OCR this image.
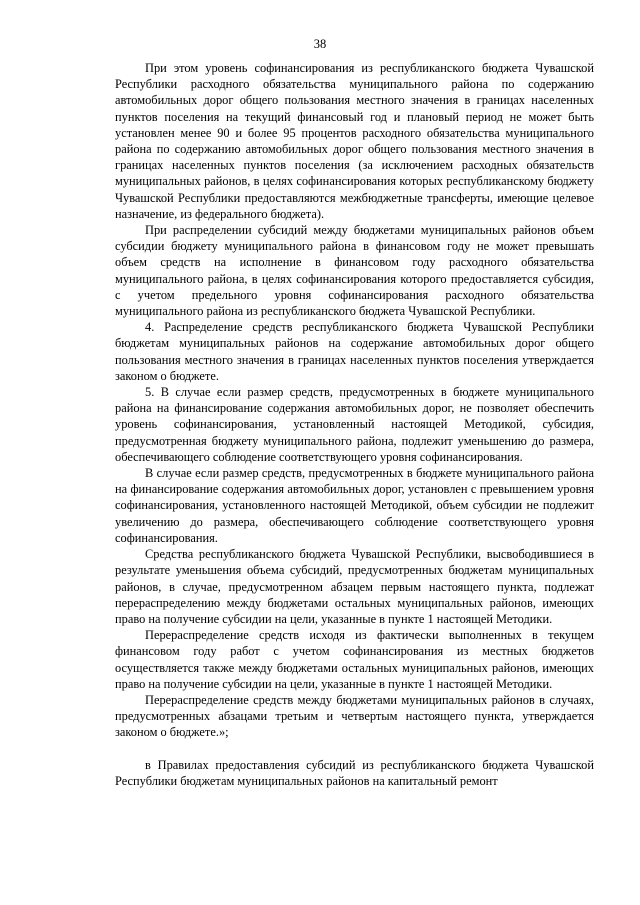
38

При этом уровень софинансирования из республиканского бюджета Чувашской Республики расходного обязательства муниципального района по содержанию автомобильных дорог общего пользования местного значения в границах населенных пунктов поселения на текущий финансовый год и плановый период не может быть установлен менее 90 и более 95 процентов расходного обязательства муниципального района по содержанию автомобильных дорог общего пользования местного значения в границах населенных пунктов поселения (за исключением расходных обязательств муниципальных районов, в целях софинансирования которых республиканскому бюджету Чувашской Республики предоставляются межбюджетные трансферты, имеющие целевое назначение, из федерального бюджета).

При распределении субсидий между бюджетами муниципальных районов объем субсидии бюджету муниципального района в финансовом году не может превышать объем средств на исполнение в финансовом году расходного обязательства муниципального района, в целях софинансирования которого предоставляется субсидия, с учетом предельного уровня софинансирования расходного обязательства муниципального района из республиканского бюджета Чувашской Республики.

4. Распределение средств республиканского бюджета Чувашской Республики бюджетам муниципальных районов на содержание автомобильных дорог общего пользования местного значения в границах населенных пунктов поселения утверждается законом о бюджете.

5. В случае если размер средств, предусмотренных в бюджете муниципального района на финансирование содержания автомобильных дорог, не позволяет обеспечить уровень софинансирования, установленный настоящей Методикой, субсидия, предусмотренная бюджету муниципального района, подлежит уменьшению до размера, обеспечивающего соблюдение соответствующего уровня софинансирования.

В случае если размер средств, предусмотренных в бюджете муниципального района на финансирование содержания автомобильных дорог, установлен с превышением уровня софинансирования, установленного настоящей Методикой, объем субсидии не подлежит увеличению до размера, обеспечивающего соблюдение соответствующего уровня софинансирования.

Средства республиканского бюджета Чувашской Республики, высвободившиеся в результате уменьшения объема субсидий, предусмотренных бюджетам муниципальных районов, в случае, предусмотренном абзацем первым настоящего пункта, подлежат перераспределению между бюджетами остальных муниципальных районов, имеющих право на получение субсидии на цели, указанные в пункте 1 настоящей Методики.

Перераспределение средств исходя из фактически выполненных в текущем финансовом году работ с учетом софинансирования из местных бюджетов осуществляется также между бюджетами остальных муниципальных районов, имеющих право на получение субсидии на цели, указанные в пункте 1 настоящей Методики.

Перераспределение средств между бюджетами муниципальных районов в случаях, предусмотренных абзацами третьим и четвертым настоящего пункта, утверждается законом о бюджете.»;

в Правилах предоставления субсидий из республиканского бюджета Чувашской Республики бюджетам муниципальных районов на капитальный ремонт
